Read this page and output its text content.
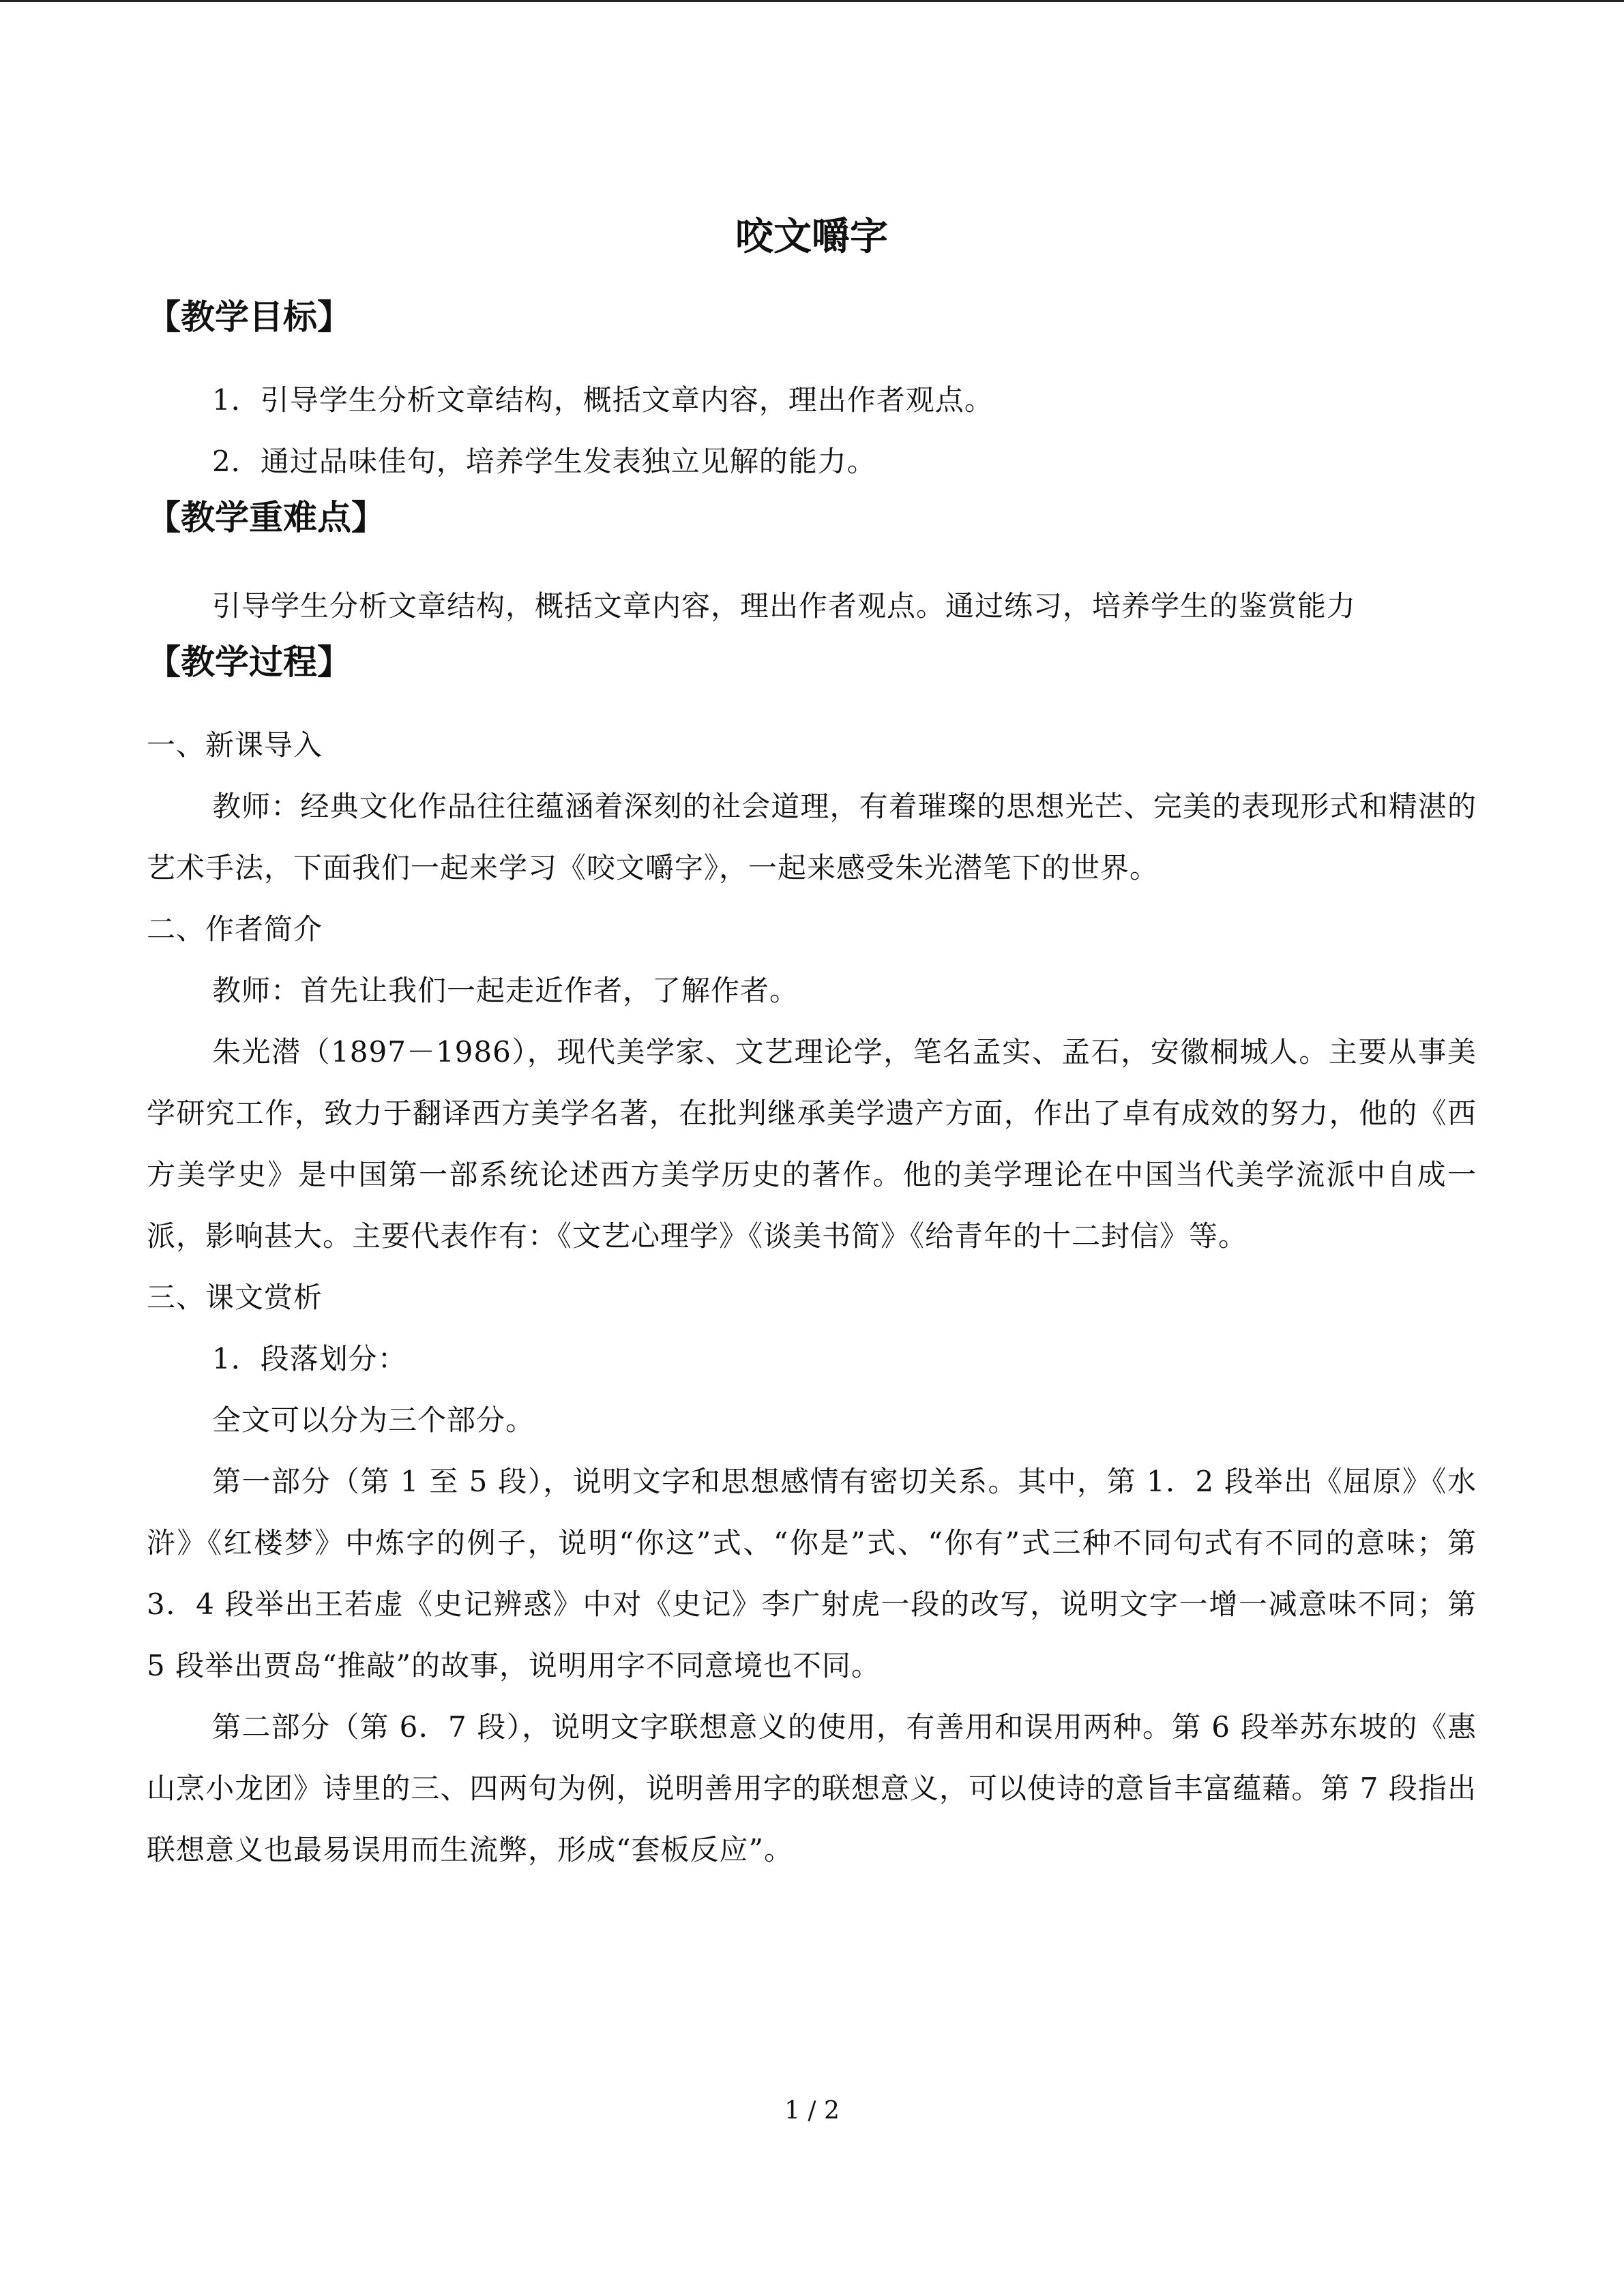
咬文嚼字
【教学目标】

1．引导学生分析文章结构，概括文章内容，理出作者观点。

2．通过品味佳句，培养学生发表独立见解的能力。

【教学重难点】

引导学生分析文章结构，概括文章内容，理出作者观点。通过练习，培养学生的鉴赏能力

【教学过程】

一、新课导入

教师：经典文化作品往往蕴涵着深刻的社会道理，有着璀璨的思想光芒、完美的表现形式和精湛的艺术手法，下面我们一起来学习《咬文嚼字》，一起来感受朱光潜笔下的世界。

二、作者简介

教师：首先让我们一起走近作者，了解作者。

朱光潜（1897－1986），现代美学家、文艺理论学，笔名孟实、孟石，安徽桐城人。主要从事美学研究工作，致力于翻译西方美学名著，在批判继承美学遗产方面，作出了卓有成效的努力，他的《西方美学史》是中国第一部系统论述西方美学历史的著作。他的美学理论在中国当代美学流派中自成一派，影响甚大。主要代表作有：《文艺心理学》《谈美书简》《给青年的十二封信》等。

三、课文赏析

1．段落划分：

全文可以分为三个部分。

第一部分（第 1 至 5 段），说明文字和思想感情有密切关系。其中，第 1．2 段举出《屈原》《水浒》《红楼梦》中炼字的例子，说明“你这”式、“你是”式、“你有”式三种不同句式有不同的意味；第 3．4 段举出王若虚《史记辨惑》中对《史记》李广射虎一段的改写，说明文字一增一减意味不同；第 5 段举出贾岛“推敲”的故事，说明用字不同意境也不同。

第二部分（第 6．7 段），说明文字联想意义的使用，有善用和误用两种。第 6 段举苏东坡的《惠山烹小龙团》诗里的三、四两句为例，说明善用字的联想意义，可以使诗的意旨丰富蕴藉。第 7 段指出联想意义也最易误用而生流弊，形成“套板反应”。

1 / 2
